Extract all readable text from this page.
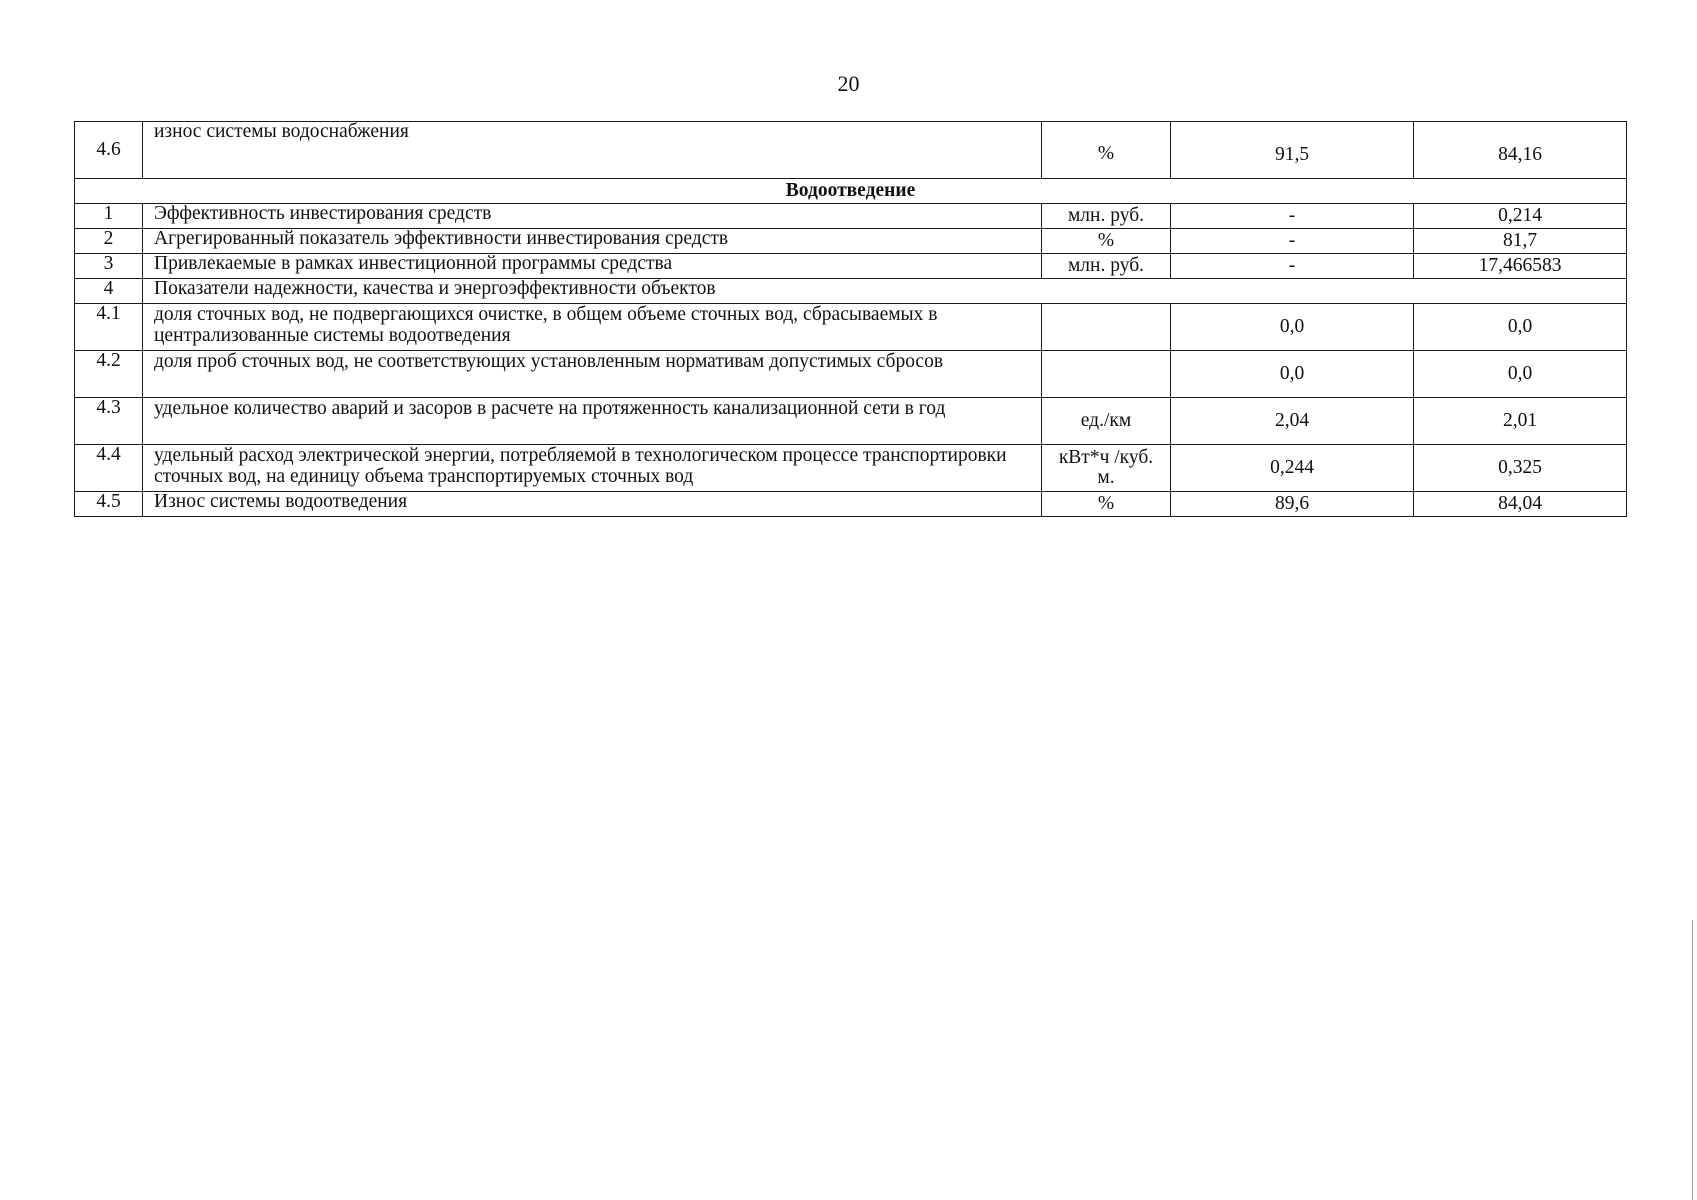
20
4.6	износ системы водоснабжения	%	91,5	84,16
Водоотведение				
1	Эффективность инвестирования средств	млн. руб.	-	0,214
2	Агрегированный показатель эффективности инвестирования средств	%	-	81,7
3	Привлекаемые в рамках инвестиционной программы средства	млн. руб.	-	17,466583
4	Показатели надежности, качества и энергоэффективности объектов			
4.1	доля сточных вод, не подвергающихся очистке, в общем объеме сточных вод, сбрасываемых в централизованные системы водоотведения		0,0	0,0
4.2	доля проб сточных вод, не соответствующих установленным нормативам допустимых сбросов		0,0	0,0
4.3	удельное количество аварий и засоров в расчете на протяженность канализационной сети в год	ед./км	2,04	2,01
4.4	удельный расход электрической энергии, потребляемой в технологическом процессе транспортировки сточных вод, на единицу объема транспортируемых сточных вод	кВт*ч /куб. м.	0,244	0,325
4.5	Износ системы водоотведения	%	89,6	84,04
